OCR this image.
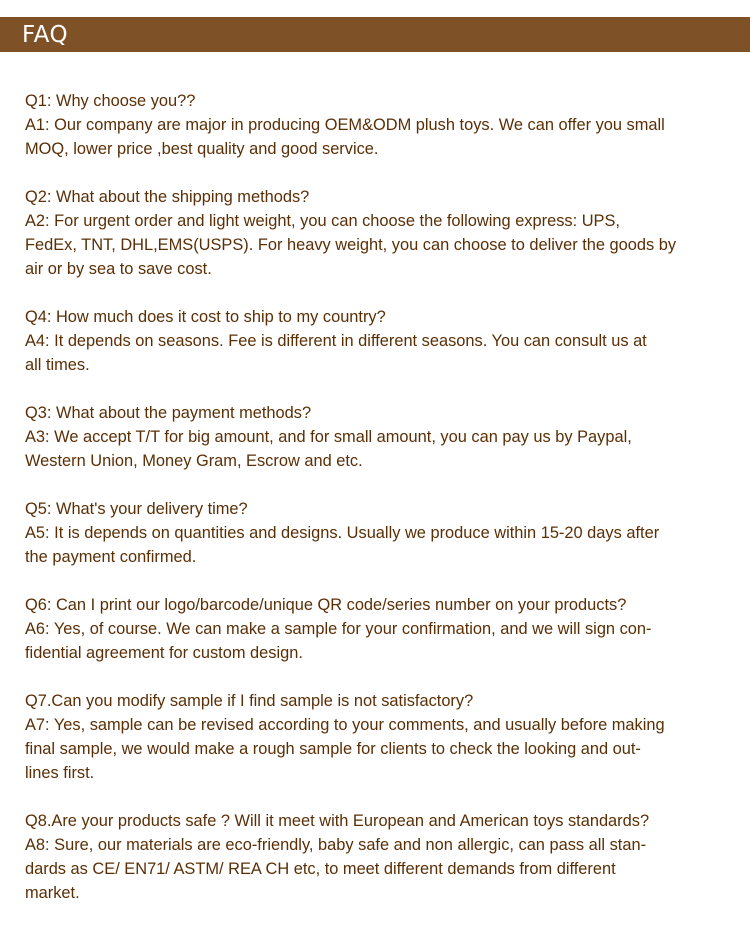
FAQ
Q1: Why choose you??
A1: Our company are major in producing OEM&ODM plush toys. We can offer you small
MOQ, lower price ,best quality and good service.
Q2: What about the shipping methods?
A2: For urgent order and light weight, you can choose the following express: UPS,
FedEx, TNT, DHL,EMS(USPS). For heavy weight, you can choose to deliver the goods by
air or by sea to save cost.
Q4: How much does it cost to ship to my country?
A4: It depends on seasons. Fee is different in different seasons. You can consult us at
all times.
Q3: What about the payment methods?
A3: We accept T/T for big amount, and for small amount, you can pay us by Paypal,
Western Union, Money Gram, Escrow and etc.
Q5: What's your delivery time?
A5: It is depends on quantities and designs. Usually we produce within 15-20 days after
the payment confirmed.
Q6: Can I print our logo/barcode/unique QR code/series number on your products?
A6: Yes, of course. We can make a sample for your confirmation, and we will sign con-
fidential agreement for custom design.
Q7.Can you modify sample if I find sample is not satisfactory?
A7: Yes, sample can be revised according to your comments, and usually before making
final sample, we would make a rough sample for clients to check the looking and out-
lines first.
Q8.Are your products safe ? Will it meet with European and American toys standards?
A8: Sure, our materials are eco-friendly, baby safe and non allergic, can pass all stan-
dards as CE/ EN71/ ASTM/ REA CH etc, to meet different demands from different
market.
